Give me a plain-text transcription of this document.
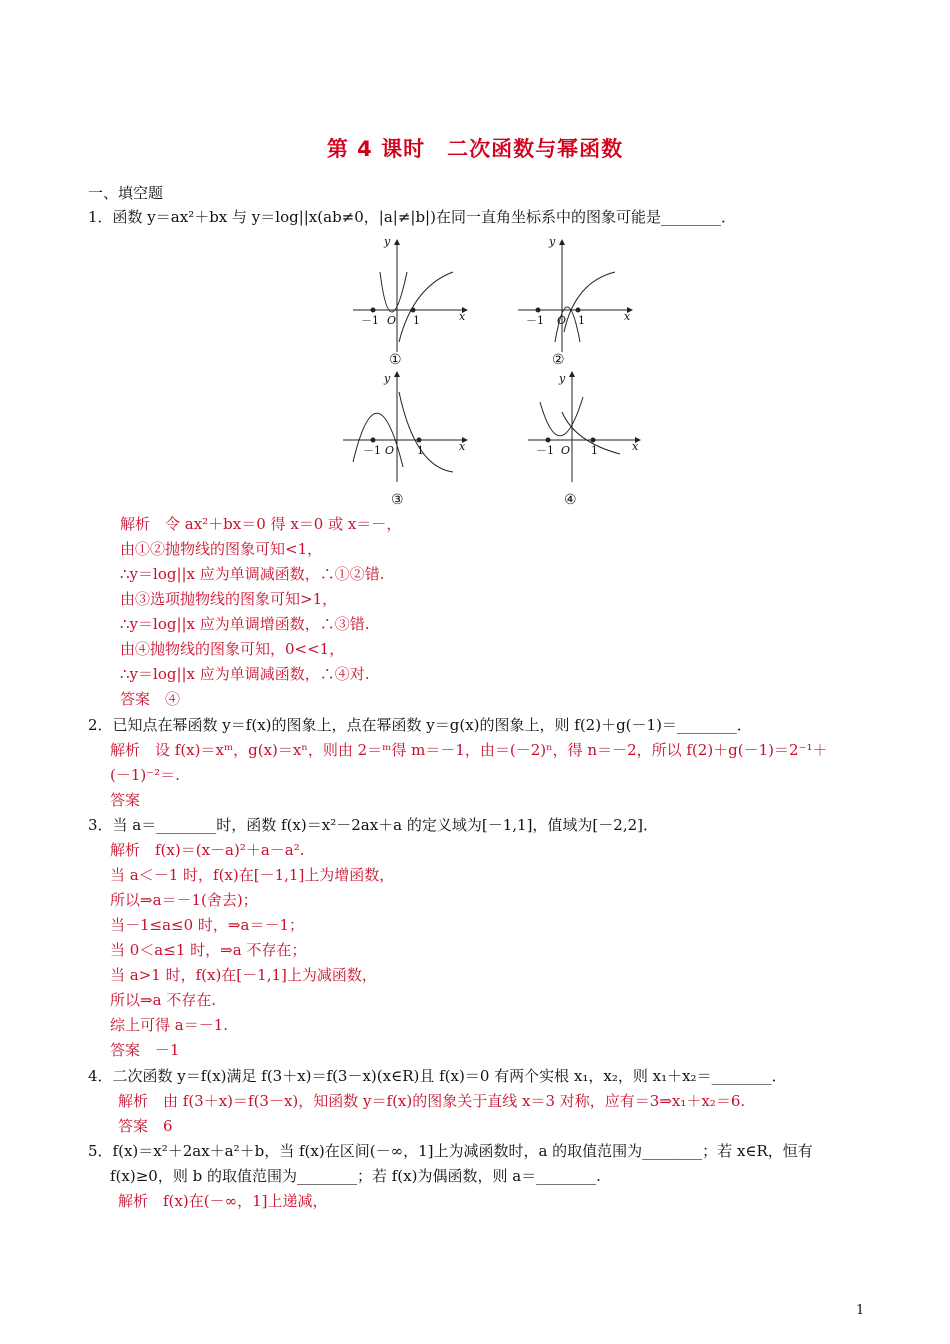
第 4 课时　二次函数与幂函数
一、填空题
1．函数 y＝ax²＋bx 与 y＝log||x(ab≠0，|a|≠|b|)在同一直角坐标系中的图象可能是________．
y
x
－1 O 1
①
y
x
－1 O 1
②
y
x
－1 O 1
③
y
x
－1 O 1
④
解析　令 ax²＋bx＝0 得 x＝0 或 x＝－，
由①②抛物线的图象可知<1，
∴y＝log||x 应为单调减函数，∴①②错.
由③选项抛物线的图象可知>1，
∴y＝log||x 应为单调增函数，∴③错.
由④抛物线的图象可知，0<<1，
∴y＝log||x 应为单调减函数，∴④对.
答案　④
2．已知点在幂函数 y＝f(x)的图象上，点在幂函数 y＝g(x)的图象上，则 f(2)＋g(－1)＝________．
解析　设 f(x)＝xᵐ，g(x)＝xⁿ，则由 2＝ᵐ得 m＝－1，由＝(－2)ⁿ，得 n＝－2，所以 f(2)＋g(－1)＝2⁻¹＋
(－1)⁻²＝.
答案
3．当 a＝________时，函数 f(x)＝x²－2ax＋a 的定义域为[－1,1]，值域为[－2,2]．
解析　f(x)＝(x－a)²＋a－a².
当 a＜－1 时，f(x)在[－1,1]上为增函数，
所以⇒a＝－1(舍去)；
当－1≤a≤0 时，⇒a＝－1；
当 0＜a≤1 时，⇒a 不存在；
当 a>1 时，f(x)在[－1,1]上为减函数，
所以⇒a 不存在.
综上可得 a＝－1.
答案　－1
4．二次函数 y＝f(x)满足 f(3＋x)＝f(3－x)(x∈R)且 f(x)＝0 有两个实根 x₁，x₂，则 x₁＋x₂＝________．
解析　由 f(3＋x)＝f(3－x)，知函数 y＝f(x)的图象关于直线 x＝3 对称，应有＝3⇒x₁＋x₂＝6.
答案　6
5．f(x)＝x²＋2ax＋a²＋b，当 f(x)在区间(－∞，1]上为减函数时，a 的取值范围为________；若 x∈R，恒有
f(x)≥0，则 b 的取值范围为________；若 f(x)为偶函数，则 a＝________.
解析　f(x)在(－∞，1]上递减，
1
